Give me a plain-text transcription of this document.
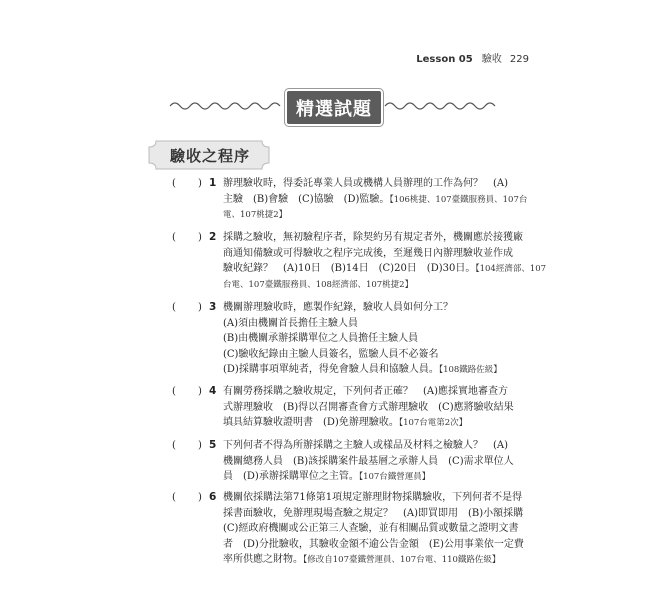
Lesson 05 驗收 229
精選試題
驗收之程序
( ) 1 辦理驗收時，得委託專業人員或機構人員辦理的工作為何？　(A)
主驗　(B)會驗　(C)協驗　(D)監驗。【106桃捷、107臺鐵服務員、107台
電、107桃捷2】
( ) 2 採購之驗收，無初驗程序者，除契約另有規定者外，機關應於接獲廠
商通知備驗或可得驗收之程序完成後，至遲幾日內辦理驗收並作成
驗收紀錄？　(A)10日　(B)14日　(C)20日　(D)30日。【104經濟部、107
台電、107臺鐵服務員、108經濟部、107桃捷2】
( ) 3 機關辦理驗收時，應製作紀錄，驗收人員如何分工？
(A)須由機關首長擔任主驗人員
(B)由機關承辦採購單位之人員擔任主驗人員
(C)驗收紀錄由主驗人員簽名，監驗人員不必簽名
(D)採購事項單純者，得免會驗人員和協驗人員。【108鐵路佐級】
( ) 4 有關勞務採購之驗收規定，下列何者正確？　(A)應採實地審查方
式辦理驗收　(B)得以召開審查會方式辦理驗收　(C)應將驗收結果
填具結算驗收證明書　(D)免辦理驗收。【107台電第2次】
( ) 5 下列何者不得為所辦採購之主驗人或樣品及材料之檢驗人？　(A)
機關總務人員　(B)該採購案件最基層之承辦人員　(C)需求單位人
員　(D)承辦採購單位之主管。【107台鐵營運員】
( ) 6 機關依採購法第71條第1項規定辦理財物採購驗收，下列何者不是得
採書面驗收，免辦理現場查驗之規定？　(A)即買即用　(B)小額採購
(C)經政府機關或公正第三人查驗，並有相關品質或數量之證明文書
者　(D)分批驗收，其驗收金額不逾公告金額　(E)公用事業依一定費
率所供應之財物。【修改自107臺鐵營運員、107台電、110鐵路佐級】
